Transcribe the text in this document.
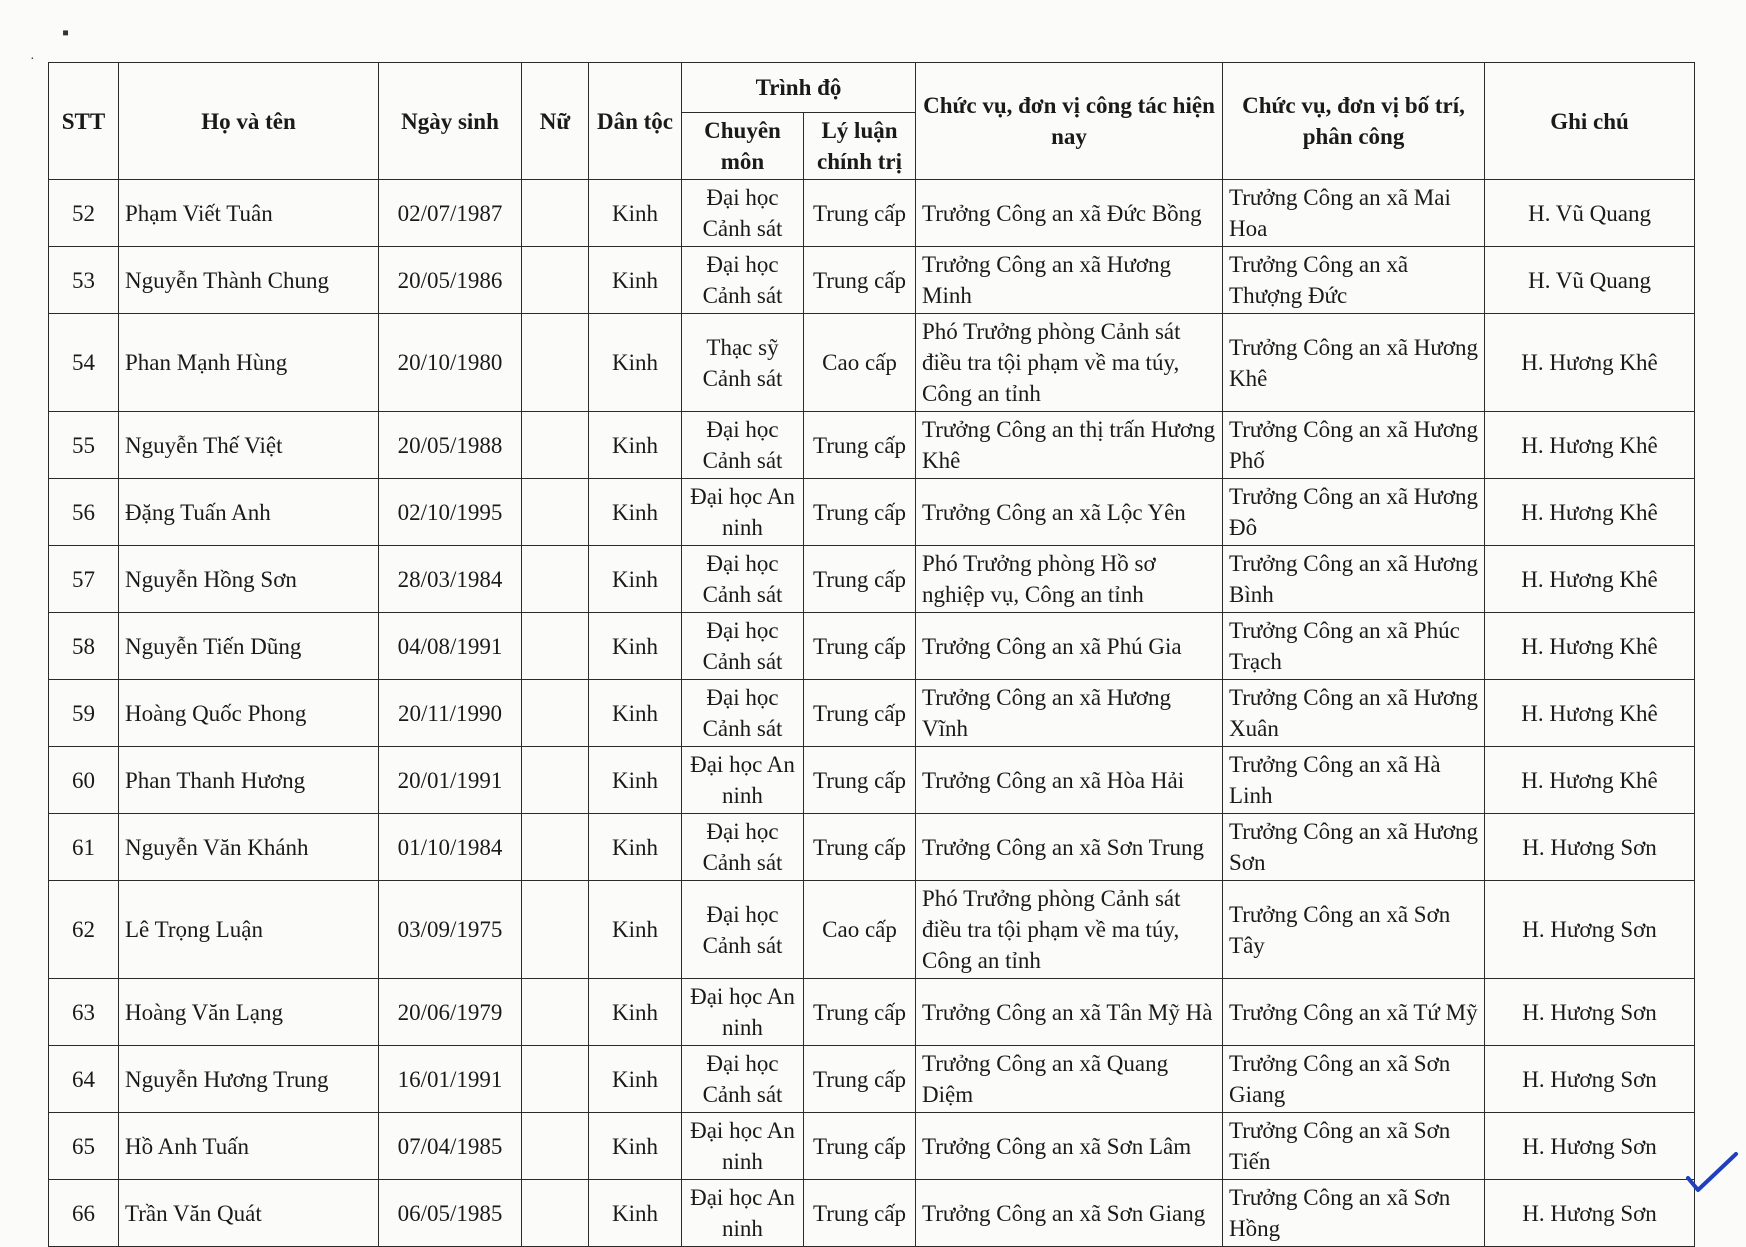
▪
·
STT	Họ và tên	Ngày sinh	Nữ	Dân tộc	Trình độ		Chức vụ, đơn vị công tác hiện nay	Chức vụ, đơn vị bố trí, phân công	Ghi chú
					Chuyên môn	Lý luận chính trị			
52	Phạm Viết Tuân	02/07/1987		Kinh	Đại học Cảnh sát	Trung cấp	Trưởng Công an xã Đức Bồng	Trưởng Công an xã Mai Hoa	H. Vũ Quang
53	Nguyễn Thành Chung	20/05/1986		Kinh	Đại học Cảnh sát	Trung cấp	Trưởng Công an xã Hương Minh	Trưởng Công an xã Thượng Đức	H. Vũ Quang
54	Phan Mạnh Hùng	20/10/1980		Kinh	Thạc sỹ Cảnh sát	Cao cấp	Phó Trưởng phòng Cảnh sát điều tra tội phạm về ma túy, Công an tỉnh	Trưởng Công an xã Hương Khê	H. Hương Khê
55	Nguyễn Thế Việt	20/05/1988		Kinh	Đại học Cảnh sát	Trung cấp	Trưởng Công an thị trấn Hương Khê	Trưởng Công an xã Hương Phố	H. Hương Khê
56	Đặng Tuấn Anh	02/10/1995		Kinh	Đại học An ninh	Trung cấp	Trưởng Công an xã Lộc Yên	Trưởng Công an xã Hương Đô	H. Hương Khê
57	Nguyễn Hồng Sơn	28/03/1984		Kinh	Đại học Cảnh sát	Trung cấp	Phó Trưởng phòng Hồ sơ nghiệp vụ, Công an tỉnh	Trưởng Công an xã Hương Bình	H. Hương Khê
58	Nguyễn Tiến Dũng	04/08/1991		Kinh	Đại học Cảnh sát	Trung cấp	Trưởng Công an xã Phú Gia	Trưởng Công an xã Phúc Trạch	H. Hương Khê
59	Hoàng Quốc Phong	20/11/1990		Kinh	Đại học Cảnh sát	Trung cấp	Trưởng Công an xã Hương Vĩnh	Trưởng Công an xã Hương Xuân	H. Hương Khê
60	Phan Thanh Hương	20/01/1991		Kinh	Đại học An ninh	Trung cấp	Trưởng Công an xã Hòa Hải	Trưởng Công an xã Hà Linh	H. Hương Khê
61	Nguyễn Văn Khánh	01/10/1984		Kinh	Đại học Cảnh sát	Trung cấp	Trưởng Công an xã Sơn Trung	Trưởng Công an xã Hương Sơn	H. Hương Sơn
62	Lê Trọng Luận	03/09/1975		Kinh	Đại học Cảnh sát	Cao cấp	Phó Trưởng phòng Cảnh sát điều tra tội phạm về ma túy, Công an tỉnh	Trưởng Công an xã Sơn Tây	H. Hương Sơn
63	Hoàng Văn Lạng	20/06/1979		Kinh	Đại học An ninh	Trung cấp	Trưởng Công an xã Tân Mỹ Hà	Trưởng Công an xã Tứ Mỹ	H. Hương Sơn
64	Nguyễn Hương Trung	16/01/1991		Kinh	Đại học Cảnh sát	Trung cấp	Trưởng Công an xã Quang Diệm	Trưởng Công an xã Sơn Giang	H. Hương Sơn
65	Hồ Anh Tuấn	07/04/1985		Kinh	Đại học An ninh	Trung cấp	Trưởng Công an xã Sơn Lâm	Trưởng Công an xã Sơn Tiến	H. Hương Sơn
66	Trần Văn Quát	06/05/1985		Kinh	Đại học An ninh	Trung cấp	Trưởng Công an xã Sơn Giang	Trưởng Công an xã Sơn Hồng	H. Hương Sơn
